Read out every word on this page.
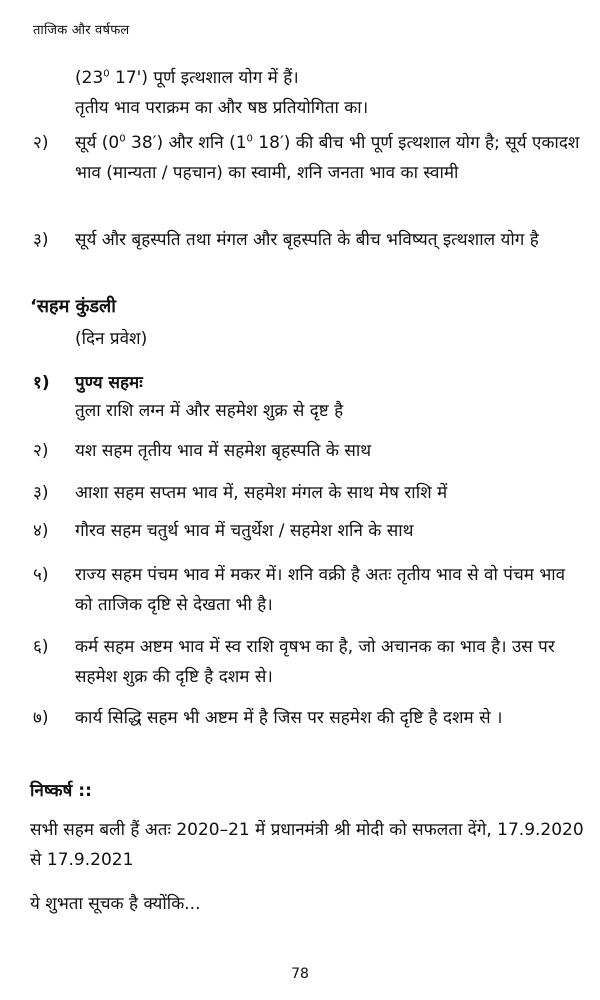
ताजिक और वर्षफल
($23^0$ 17') पूर्ण इत्थशाल योग में हैं।
तृतीय भाव पराक्रम का और षष्ठ प्रतियोगिता का।
२) सूर्य ($0^0$ 38′) और शनि ($1^0$ 18′) की बीच भी पूर्ण इत्थशाल योग है; सूर्य एकादश भाव (मान्यता / पहचान) का स्वामी, शनि जनता भाव का स्वामी
३) सूर्य और बृहस्पति तथा मंगल और बृहस्पति के बीच भविष्यत् इत्थशाल योग है
‘सहम कुंडली
(दिन प्रवेश)
१) पुण्य सहमः
तुला राशि लग्न में और सहमेश शुक्र से दृष्ट है
२) यश सहम तृतीय भाव में सहमेश बृहस्पति के साथ
३) आशा सहम सप्तम भाव में, सहमेश मंगल के साथ मेष राशि में
४) गौरव सहम चतुर्थ भाव में चतुर्थेश / सहमेश शनि के साथ
५) राज्य सहम पंचम भाव में मकर में। शनि वक्री है अतः तृतीय भाव से वो पंचम भाव को ताजिक दृष्टि से देखता भी है।
६) कर्म सहम अष्टम भाव में स्व राशि वृषभ का है, जो अचानक का भाव है। उस पर सहमेश शुक्र की दृष्टि है दशम से।
७) कार्य सिद्धि सहम भी अष्टम में है जिस पर सहमेश की दृष्टि है दशम से ।
निष्कर्ष ::
सभी सहम बली हैं अतः 2020–21 में प्रधानमंत्री श्री मोदी को सफलता देंगे, 17.9.2020 से 17.9.2021
ये शुभता सूचक है क्योंकि...
78
